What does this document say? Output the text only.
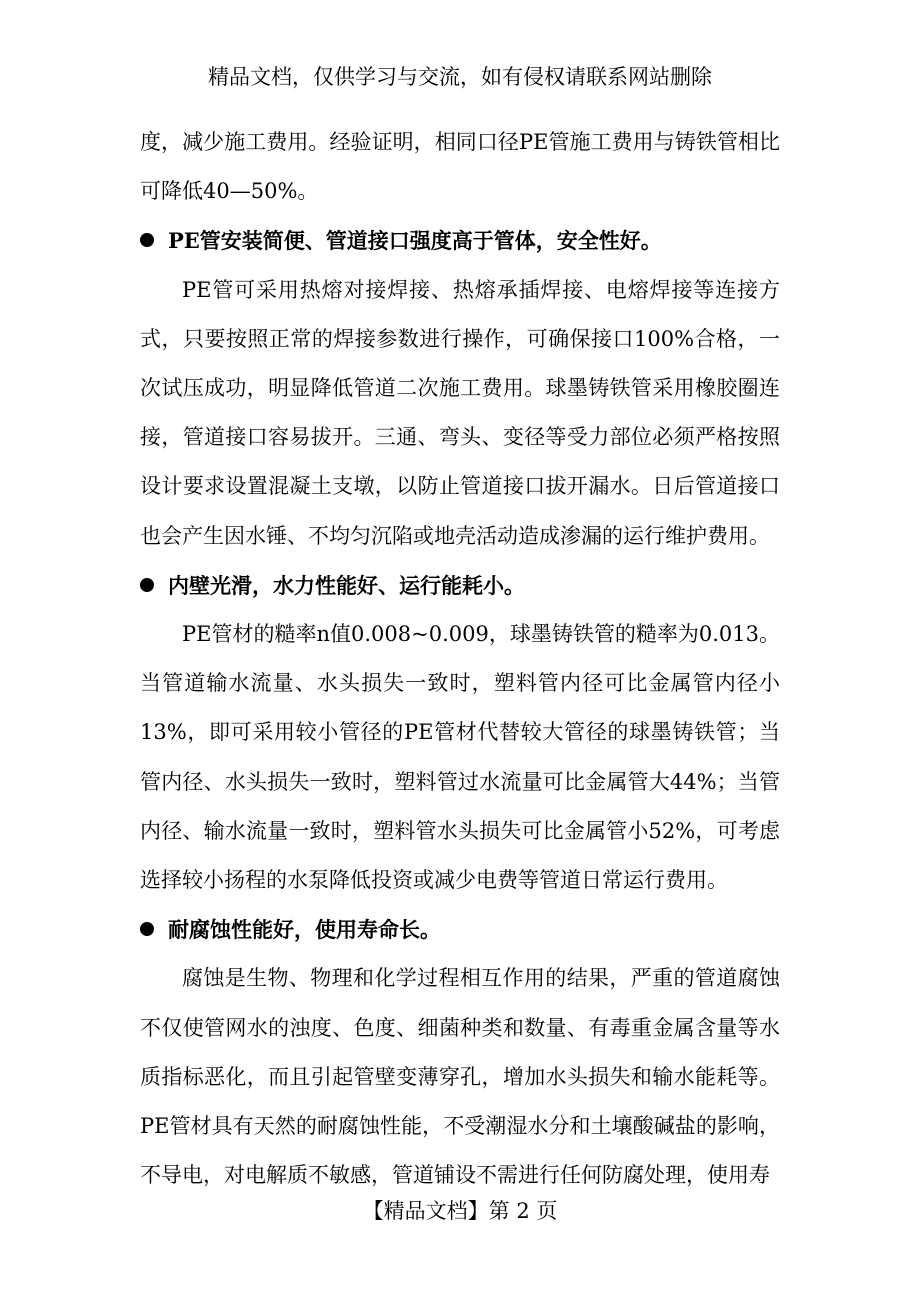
精品文档，仅供学习与交流，如有侵权请联系网站删除

度，减少施工费用。经验证明，相同口径PE管施工费用与铸铁管相比可降低40—50%。

PE管安装简便、管道接口强度高于管体，安全性好。

PE管可采用热熔对接焊接、热熔承插焊接、电熔焊接等连接方式，只要按照正常的焊接参数进行操作，可确保接口100%合格，一次试压成功，明显降低管道二次施工费用。球墨铸铁管采用橡胶圈连接，管道接口容易拔开。三通、弯头、变径等受力部位必须严格按照设计要求设置混凝土支墩，以防止管道接口拔开漏水。日后管道接口也会产生因水锤、不均匀沉陷或地壳活动造成渗漏的运行维护费用。

内壁光滑，水力性能好、运行能耗小。

PE管材的糙率n值0.008~0.009，球墨铸铁管的糙率为0.013。当管道输水流量、水头损失一致时，塑料管内径可比金属管内径小13%，即可采用较小管径的PE管材代替较大管径的球墨铸铁管；当管内径、水头损失一致时，塑料管过水流量可比金属管大44%；当管内径、输水流量一致时，塑料管水头损失可比金属管小52%，可考虑选择较小扬程的水泵降低投资或减少电费等管道日常运行费用。

耐腐蚀性能好，使用寿命长。

腐蚀是生物、物理和化学过程相互作用的结果，严重的管道腐蚀不仅使管网水的浊度、色度、细菌种类和数量、有毒重金属含量等水质指标恶化，而且引起管壁变薄穿孔，增加水头损失和输水能耗等。PE管材具有天然的耐腐蚀性能，不受潮湿水分和土壤酸碱盐的影响，不导电，对电解质不敏感，管道铺设不需进行任何防腐处理，使用寿

【精品文档】第 2 页
